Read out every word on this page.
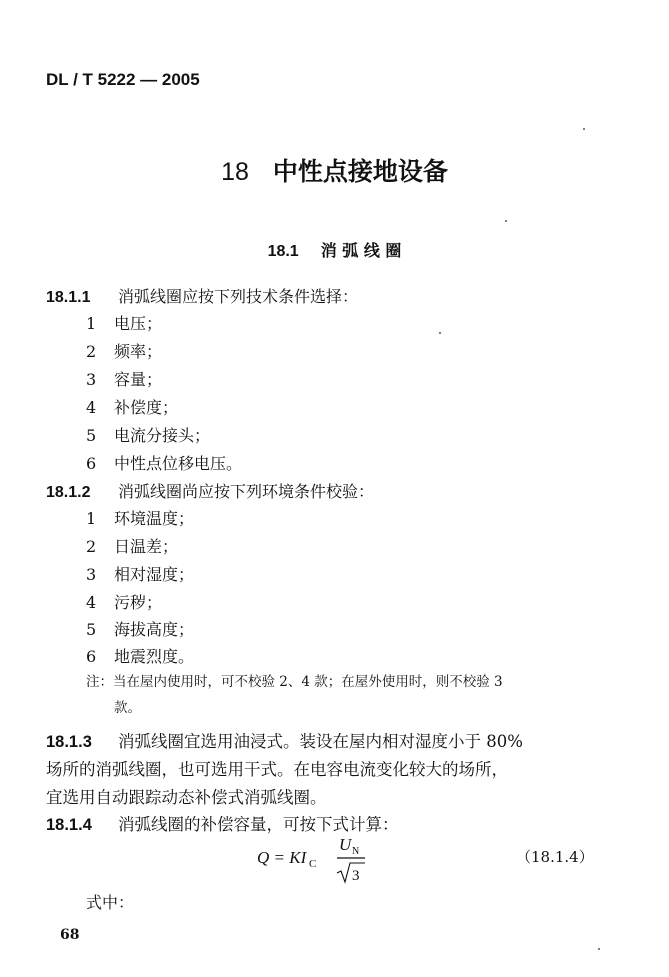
DL / T 5222 — 2005
18 中性点接地设备
18.1 消 弧 线 圈
18.1.1 消弧线圈应按下列技术条件选择：
1 电压；
2 频率；
3 容量；
4 补偿度；
5 电流分接头；
6 中性点位移电压。
18.1.2 消弧线圈尚应按下列环境条件校验：
1 环境温度；
2 日温差；
3 相对湿度；
4 污秽；
5 海拔高度；
6 地震烈度。
注：当在屋内使用时，可不校验 2、4 款；在屋外使用时，则不校验 3
款。
18.1.3 消弧线圈宜选用油浸式。装设在屋内相对湿度小于 80%
场所的消弧线圈，也可选用干式。在电容电流变化较大的场所，
宜选用自动跟踪动态补偿式消弧线圈。
18.1.4 消弧线圈的补偿容量，可按下式计算：
Q = KI C
U N
3
（18.1.4）
式中：
68
